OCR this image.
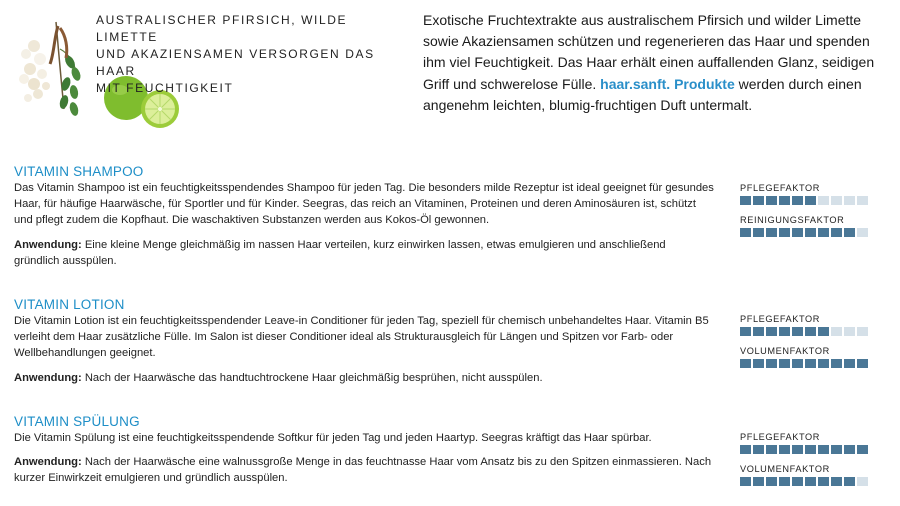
AUSTRALISCHER PFIRSICH, WILDE LIMETTE
UND AKAZIENSAMEN VERSORGEN DAS HAAR
MIT FEUCHTIGKEIT
Exotische Fruchtextrakte aus australischem Pfirsich und wilder Limette sowie Akaziensamen schützen und regenerieren das Haar und spenden ihm viel Feuchtigkeit. Das Haar erhält einen auffallenden Glanz, seidigen Griff und schwerelose Fülle. haar.sanft. Produkte werden durch einen angenehm leichten, blumig-fruchtigen Duft untermalt.
VITAMIN SHAMPOO

Das Vitamin Shampoo ist ein feuchtigkeitsspendendes Shampoo für jeden Tag. Die besonders milde Rezeptur ist ideal geeignet für gesundes Haar, für häufige Haarwäsche, für Sportler und für Kinder. Seegras, das reich an Vitaminen, Proteinen und deren Aminosäuren ist, schützt und pflegt zudem die Kopfhaut. Die waschaktiven Substanzen werden aus Kokos-Öl gewonnen.

Anwendung: Eine kleine Menge gleichmäßig im nassen Haar verteilen, kurz einwirken lassen, etwas emulgieren und anschließend gründlich ausspülen.

PFLEGEFAKTOR
REINIGUNGSFAKTOR
VITAMIN LOTION

Die Vitamin Lotion ist ein feuchtigkeitsspendender Leave-in Conditioner für jeden Tag, speziell für chemisch unbehandeltes Haar. Vitamin B5 verleiht dem Haar zusätzliche Fülle. Im Salon ist dieser Conditioner ideal als Strukturausgleich für Längen und Spitzen vor Farb- oder Wellbehandlungen geeignet.

Anwendung: Nach der Haarwäsche das handtuchtrockene Haar gleichmäßig besprühen, nicht ausspülen.

PFLEGEFAKTOR
VOLUMENFAKTOR
VITAMIN SPÜLUNG

Die Vitamin Spülung ist eine feuchtigkeitsspendende Softkur für jeden Tag und jeden Haartyp. Seegras kräftigt das Haar spürbar.

Anwendung: Nach der Haarwäsche eine walnussgroße Menge in das feuchtnasse Haar vom Ansatz bis zu den Spitzen einmassieren. Nach kurzer Einwirkzeit emulgieren und gründlich ausspülen.

PFLEGEFAKTOR
VOLUMENFAKTOR
